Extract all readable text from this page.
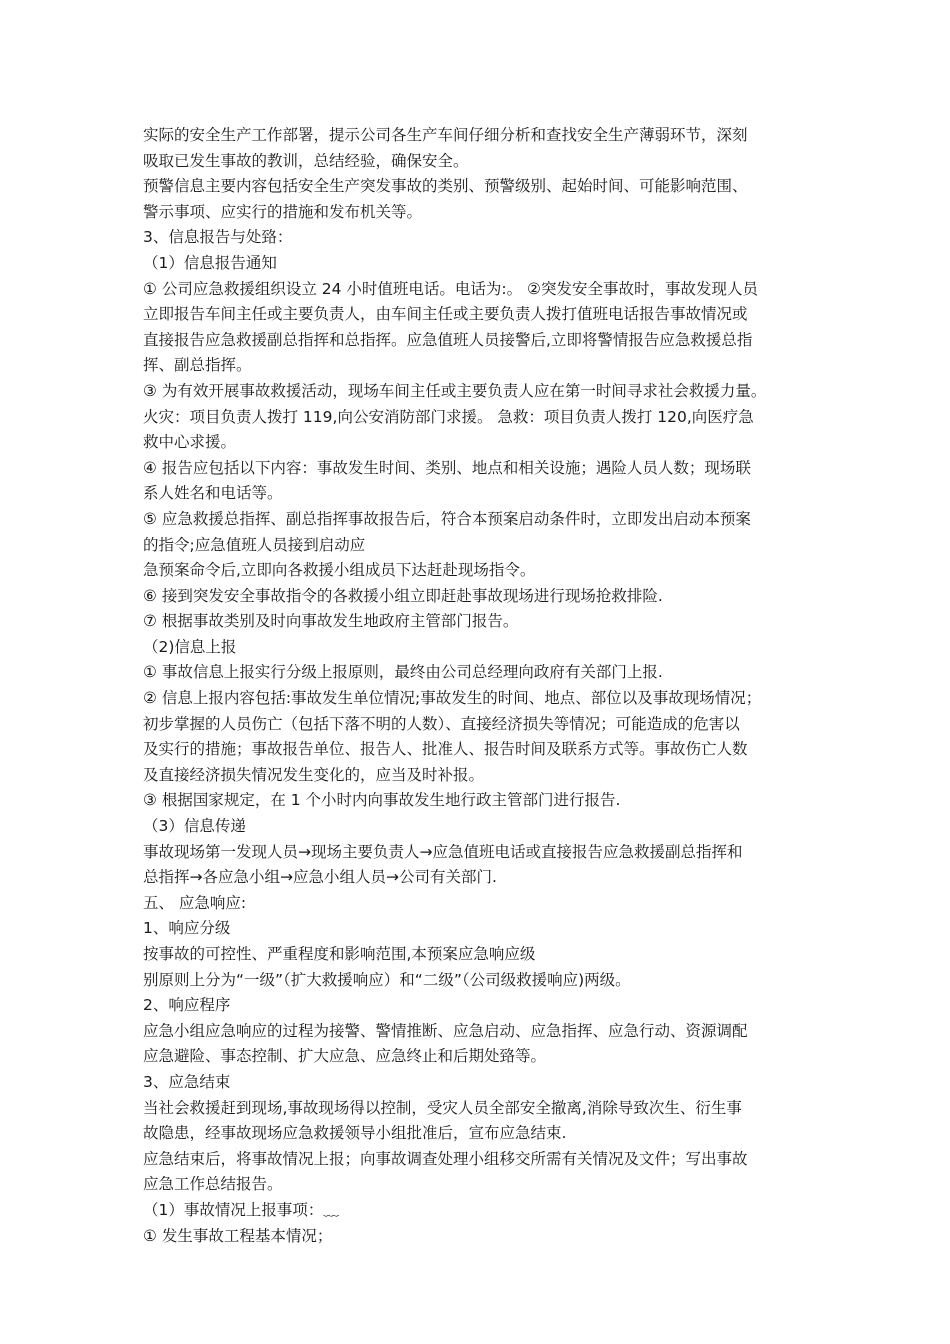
实际的安全生产工作部署，提示公司各生产车间仔细分析和查找安全生产薄弱环节，深刻
吸取已发生事故的教训，总结经验，确保安全。
预警信息主要内容包括安全生产突发事故的类别、预警级别、起始时间、可能影响范围、
警示事项、应实行的措施和发布机关等。
3、信息报告与处臵：
（1）信息报告通知
① 公司应急救援组织设立 24 小时值班电话。电话为:。 ②突发安全事故时，事故发现人员
立即报告车间主任或主要负责人，由车间主任或主要负责人拨打值班电话报告事故情况或
直接报告应急救援副总指挥和总指挥。应急值班人员接警后,立即将警情报告应急救援总指
挥、副总指挥。
③ 为有效开展事故救援活动，现场车间主任或主要负责人应在第一时间寻求社会救援力量。
火灾：项目负责人拨打 119,向公安消防部门求援。 急救：项目负责人拨打 120,向医疗急
救中心求援。
④ 报告应包括以下内容：事故发生时间、类别、地点和相关设施；遇险人员人数；现场联
系人姓名和电话等。
⑤ 应急救援总指挥、副总指挥事故报告后，符合本预案启动条件时，立即发出启动本预案
的指令;应急值班人员接到启动应
急预案命令后,立即向各救援小组成员下达赶赴现场指令。
⑥ 接到突发安全事故指令的各救援小组立即赶赴事故现场进行现场抢救排险.
⑦ 根据事故类别及时向事故发生地政府主管部门报告。
（2)信息上报
① 事故信息上报实行分级上报原则，最终由公司总经理向政府有关部门上报.
② 信息上报内容包括:事故发生单位情况;事故发生的时间、地点、部位以及事故现场情况；
初步掌握的人员伤亡（包括下落不明的人数）、直接经济损失等情况；可能造成的危害以
及实行的措施；事故报告单位、报告人、批准人、报告时间及联系方式等。事故伤亡人数
及直接经济损失情况发生变化的，应当及时补报。
③ 根据国家规定，在 1 个小时内向事故发生地行政主管部门进行报告.
（3）信息传递
事故现场第一发现人员→现场主要负责人→应急值班电话或直接报告应急救援副总指挥和
总指挥→各应急小组→应急小组人员→公司有关部门.
五、 应急响应:
1、响应分级
按事故的可控性、严重程度和影响范围,本预案应急响应级
别原则上分为“一级”（扩大救援响应）和“二级”（公司级救援响应)两级。
2、响应程序
应急小组应急响应的过程为接警、警情推断、应急启动、应急指挥、应急行动、资源调配
应急避险、事态控制、扩大应急、应急终止和后期处臵等。
3、应急结束
当社会救援赶到现场,事故现场得以控制，受灾人员全部安全撤离,消除导致次生、衍生事
故隐患，经事故现场应急救援领导小组批准后，宣布应急结束.
应急结束后，将事故情况上报；向事故调查处理小组移交所需有关情况及文件；写出事故
应急工作总结报告。
（1）事故情况上报事项：﹏
① 发生事故工程基本情况；
